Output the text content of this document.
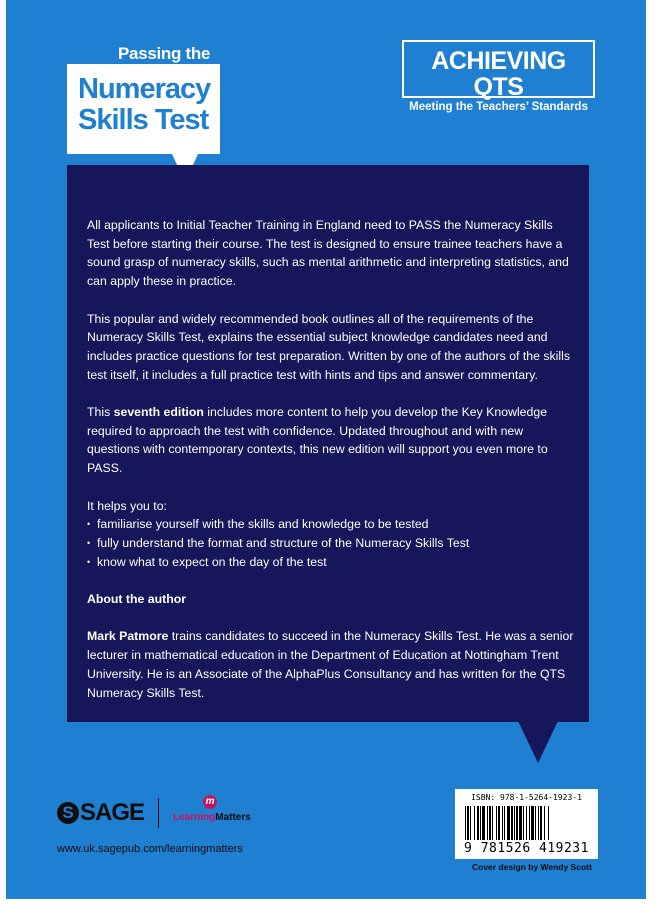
Passing the
Numeracy
Skills Test
ACHIEVING QTS
Meeting the Teachers’ Standards

All applicants to Initial Teacher Training in England need to PASS the Numeracy Skills Test before starting their course. The test is designed to ensure trainee teachers have a sound grasp of numeracy skills, such as mental arithmetic and interpreting statistics, and can apply these in practice.

This popular and widely recommended book outlines all of the requirements of the Numeracy Skills Test, explains the essential subject knowledge candidates need and includes practice questions for test preparation. Written by one of the authors of the skills test itself, it includes a full practice test with hints and tips and answer commentary.

This seventh edition includes more content to help you develop the Key Knowledge required to approach the test with confidence. Updated throughout and with new questions with contemporary contexts, this new edition will support you even more to PASS.

It helps you to:
• familiarise yourself with the skills and knowledge to be tested
• fully understand the format and structure of the Numeracy Skills Test
• know what to expect on the day of the test

About the author

Mark Patmore trains candidates to succeed in the Numeracy Skills Test. He was a senior lecturer in mathematical education in the Department of Education at Nottingham Trent University. He is an Associate of the AlphaPlus Consultancy and has written for the QTS Numeracy Skills Test.

S SAGE	m
LearningMatters
www.uk.sagepub.com/learningmatters
ISBN: 978-1-5264-1923-1
9 781526 419231
Cover design by Wendy Scott
